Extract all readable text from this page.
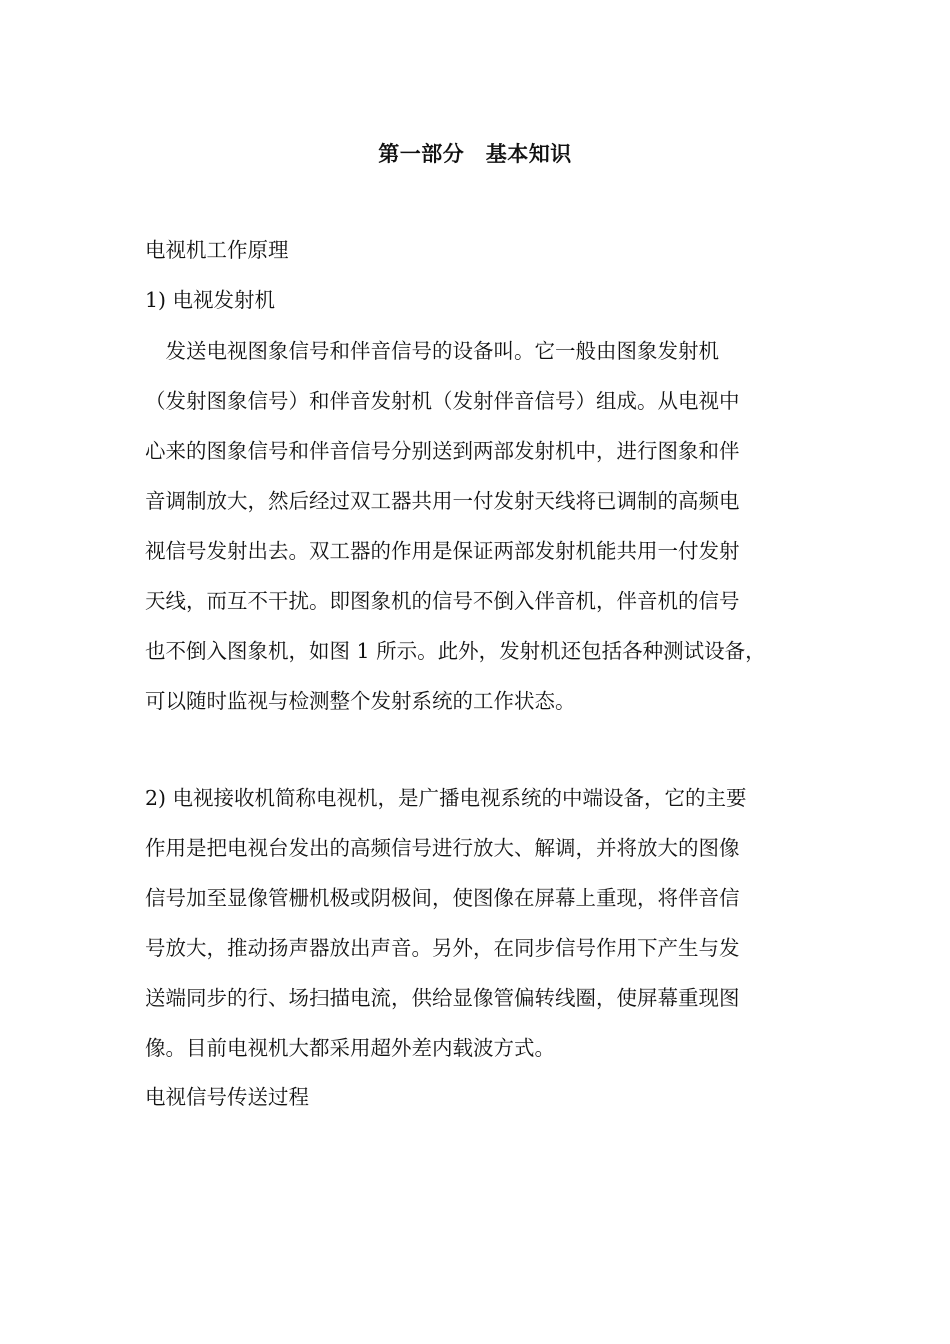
第一部分　基本知识
电视机工作原理
1) 电视发射机
　发送电视图象信号和伴音信号的设备叫。它一般由图象发射机
（发射图象信号）和伴音发射机（发射伴音信号）组成。从电视中
心来的图象信号和伴音信号分别送到两部发射机中，进行图象和伴
音调制放大，然后经过双工器共用一付发射天线将已调制的高频电
视信号发射出去。双工器的作用是保证两部发射机能共用一付发射
天线，而互不干扰。即图象机的信号不倒入伴音机，伴音机的信号
也不倒入图象机，如图 1 所示。此外，发射机还包括各种测试设备，
可以随时监视与检测整个发射系统的工作状态。
2) 电视接收机简称电视机，是广播电视系统的中端设备，它的主要
作用是把电视台发出的高频信号进行放大、解调，并将放大的图像
信号加至显像管栅机极或阴极间，使图像在屏幕上重现，将伴音信
号放大，推动扬声器放出声音。另外，在同步信号作用下产生与发
送端同步的行、场扫描电流，供给显像管偏转线圈，使屏幕重现图
像。目前电视机大都采用超外差内载波方式。
电视信号传送过程
